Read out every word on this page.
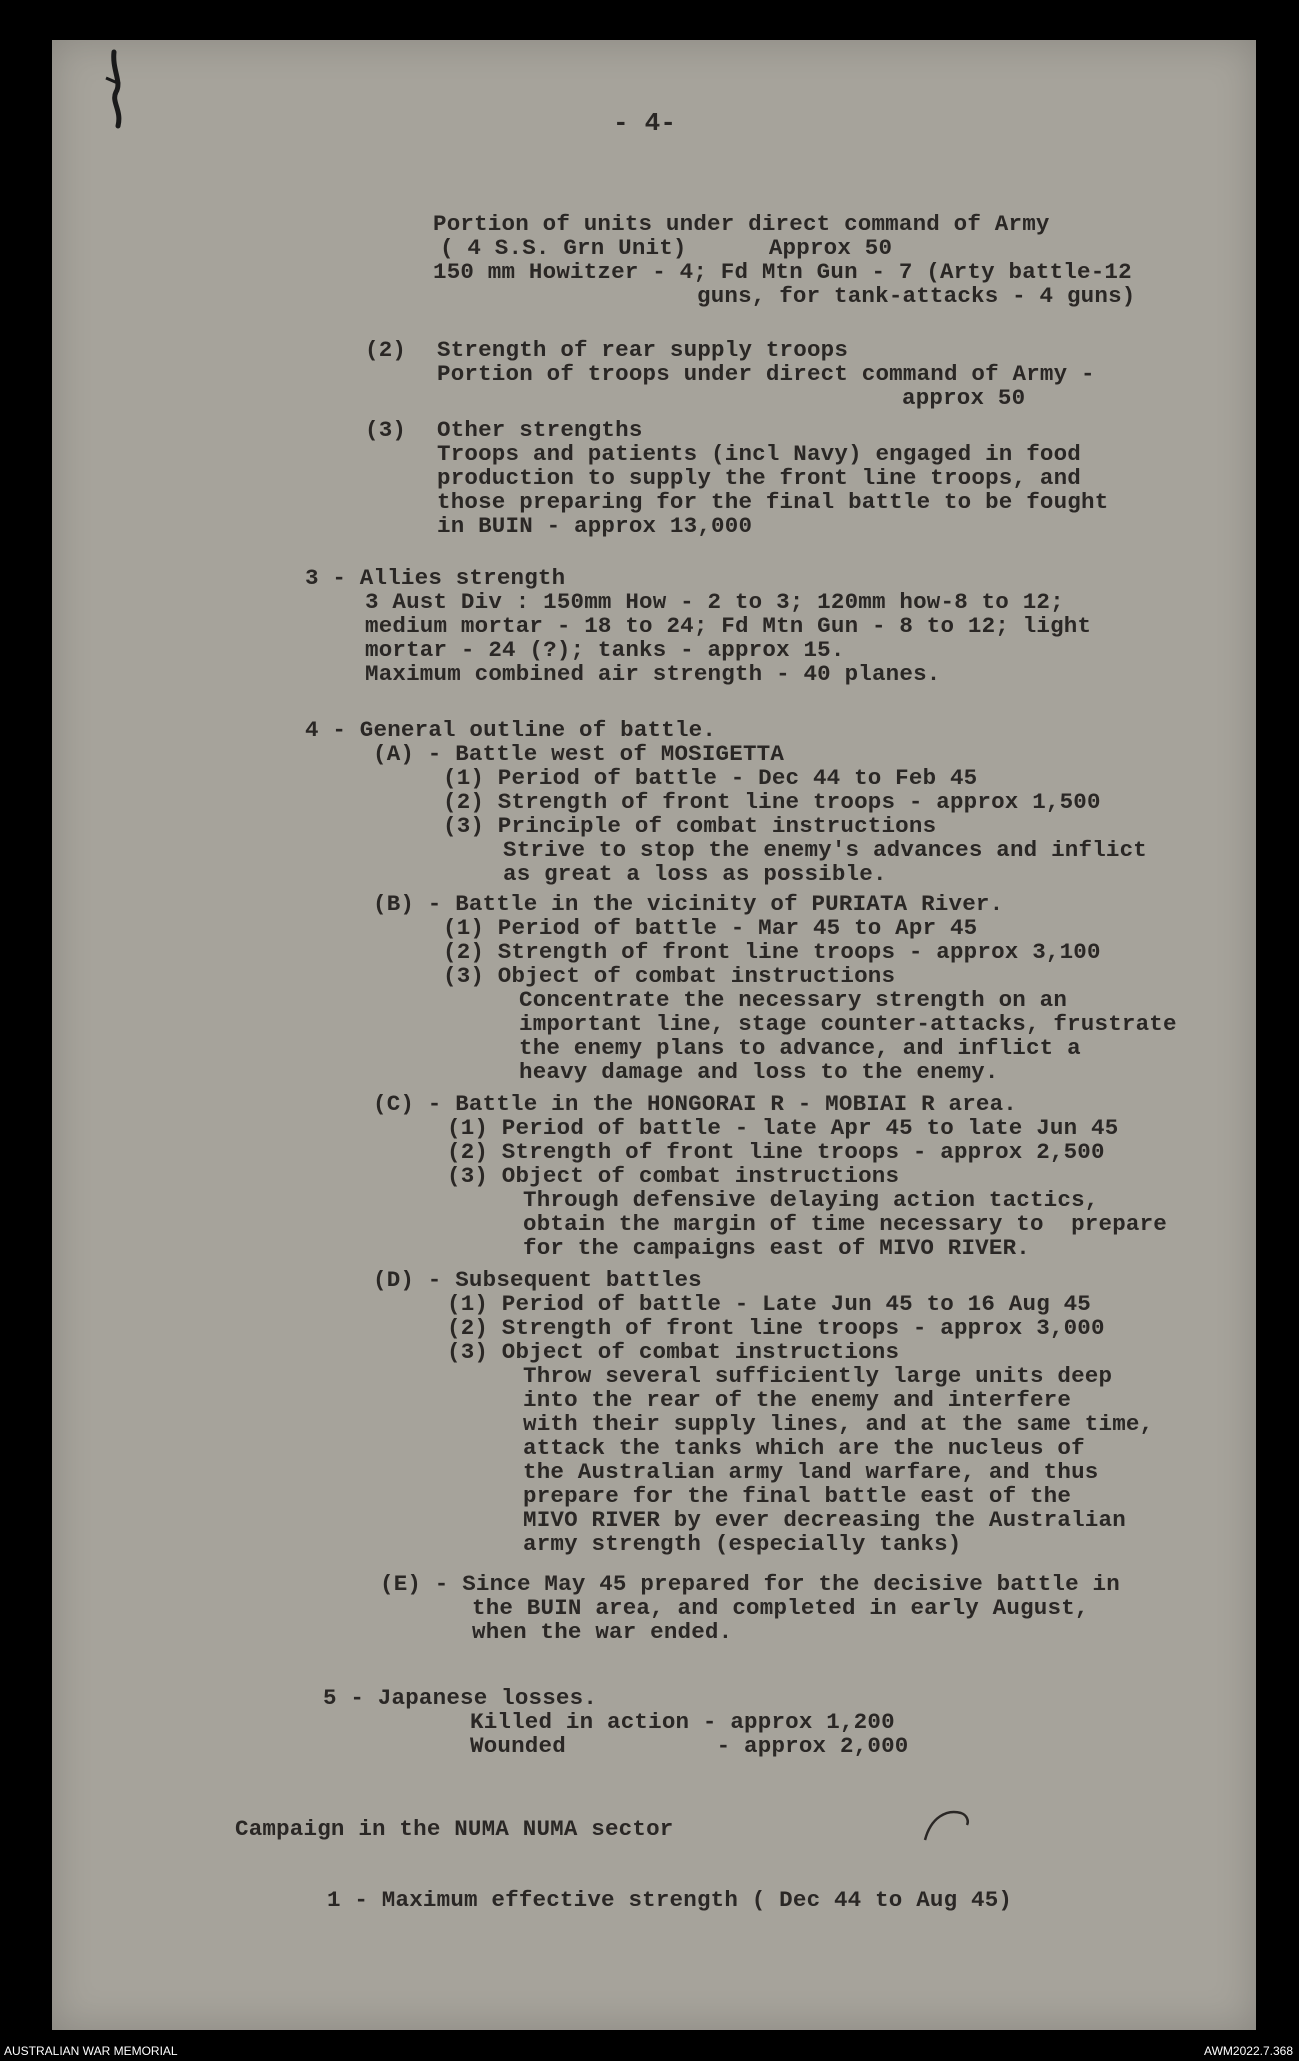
- 4-
Portion of units under direct command of Army
( 4 S.S. Grn Unit)      Approx 50
150 mm Howitzer - 4; Fd Mtn Gun - 7 (Arty battle-12
guns, for tank-attacks - 4 guns)
(2) Strength of rear supply troops
Portion of troops under direct command of Army -
approx 50
(3) Other strengths
Troops and patients (incl Navy) engaged in food
production to supply the front line troops, and
those preparing for the final battle to be fought
in BUIN - approx 13,000
3 - Allies strength
3 Aust Div : 150mm How - 2 to 3; 120mm how-8 to 12;
medium mortar - 18 to 24; Fd Mtn Gun - 8 to 12; light
mortar - 24 (?); tanks - approx 15.
Maximum combined air strength - 40 planes.
4 - General outline of battle.
(A) - Battle west of MOSIGETTA
(1) Period of battle - Dec 44 to Feb 45
(2) Strength of front line troops - approx 1,500
(3) Principle of combat instructions
Strive to stop the enemy's advances and inflict
as great a loss as possible.
(B) - Battle in the vicinity of PURIATA River.
(1) Period of battle - Mar 45 to Apr 45
(2) Strength of front line troops - approx 3,100
(3) Object of combat instructions
Concentrate the necessary strength on an
important line, stage counter-attacks, frustrate
the enemy plans to advance, and inflict a
heavy damage and loss to the enemy.
(C) - Battle in the HONGORAI R - MOBIAI R area.
(1) Period of battle - late Apr 45 to late Jun 45
(2) Strength of front line troops - approx 2,500
(3) Object of combat instructions
Through defensive delaying action tactics,
obtain the margin of time necessary to  prepare
for the campaigns east of MIVO RIVER.
(D) - Subsequent battles
(1) Period of battle - Late Jun 45 to 16 Aug 45
(2) Strength of front line troops - approx 3,000
(3) Object of combat instructions
Throw several sufficiently large units deep
into the rear of the enemy and interfere
with their supply lines, and at the same time,
attack the tanks which are the nucleus of
the Australian army land warfare, and thus
prepare for the final battle east of the
MIVO RIVER by ever decreasing the Australian
army strength (especially tanks)
(E) - Since May 45 prepared for the decisive battle in
the BUIN area, and completed in early August,
when the war ended.
5 - Japanese losses.
Killed in action - approx 1,200
Wounded           - approx 2,000
Campaign in the NUMA NUMA sector
1 - Maximum effective strength ( Dec 44 to Aug 45)
AUSTRALIAN WAR MEMORIAL	AWM2022.7.368
